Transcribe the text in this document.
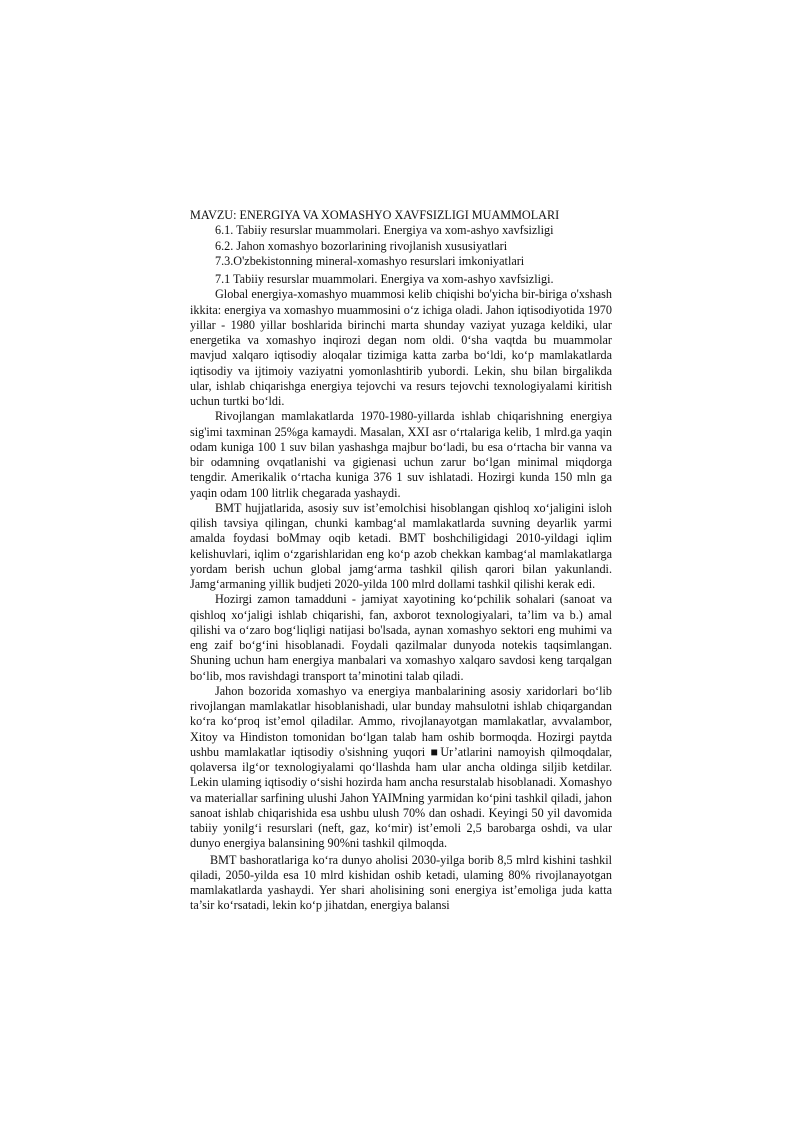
MAVZU: ENERGIYA VA XOMASHYO XAVFSIZLIGI MUAMMOLARI
6.1. Tabiiy resurslar muammolari. Energiya va xom-ashyo xavfsizligi
6.2. Jahon xomashyo bozorlarining rivojlanish xususiyatlari
7.3.O'zbekistonning mineral-xomashyo resurslari imkoniyatlari
7.1 Tabiiy resurslar muammolari. Energiya va xom-ashyo xavfsizligi.

Global energiya-xomashyo muammosi kelib chiqishi bo'yicha bir-biriga o'xshash ikkita: energiya va xomashyo muammosini o‘z ichiga oladi. Jahon iqtisodiyotida 1970 yillar - 1980 yillar boshlarida birinchi marta shunday vaziyat yuzaga keldiki, ular energetika va xomashyo inqirozi degan nom oldi. 0‘sha vaqtda bu muammolar mavjud xalqaro iqtisodiy aloqalar tizimiga katta zarba bo‘ldi, ko‘p mamlakatlarda iqtisodiy va ijtimoiy vaziyatni yomonlashtirib yubordi. Lekin, shu bilan birgalikda ular, ishlab chiqarishga energiya tejovchi va resurs tejovchi texnologiyalami kiritish uchun turtki bo‘ldi.

Rivojlangan mamlakatlarda 1970-1980-yillarda ishlab chiqarishning energiya sig'imi taxminan 25%ga kamaydi. Masalan, XXI asr o‘rtalariga kelib, 1 mlrd.ga yaqin odam kuniga 100 1 suv bilan yashashga majbur bo‘ladi, bu esa o‘rtacha bir vanna va bir odamning ovqatlanishi va gigienasi uchun zarur bo‘lgan minimal miqdorga tengdir. Amerikalik o‘rtacha kuniga 376 1 suv ishlatadi. Hozirgi kunda 150 mln ga yaqin odam 100 litrlik chegarada yashaydi.

BMT hujjatlarida, asosiy suv ist’emolchisi hisoblangan qishloq xo‘jaligini isloh qilish tavsiya qilingan, chunki kambag‘al mamlakatlarda suvning deyarlik yarmi amalda foydasi boMmay oqib ketadi. BMT boshchiligidagi 2010-yildagi iqlim kelishuvlari, iqlim o‘zgarishlaridan eng ko‘p azob chekkan kambag‘al mamlakatlarga yordam berish uchun global jamg‘arma tashkil qilish qarori bilan yakunlandi. Jamg‘armaning yillik budjeti 2020-yilda 100 mlrd dollami tashkil qilishi kerak edi.

Hozirgi zamon tamadduni - jamiyat xayotining ko‘pchilik sohalari (sanoat va qishloq xo‘jaligi ishlab chiqarishi, fan, axborot texnologiyalari, ta’lim va b.) amal qilishi va o‘zaro bog‘liqligi natijasi bo'lsada, aynan xomashyo sektori eng muhimi va eng zaif bo‘g‘ini hisoblanadi. Foydali qazilmalar dunyoda notekis taqsimlangan. Shuning uchun ham energiya manbalari va xomashyo xalqaro savdosi keng tarqalgan bo‘lib, mos ravishdagi transport ta’minotini talab qiladi.

Jahon bozorida xomashyo va energiya manbalarining asosiy xaridorlari bo‘lib rivojlangan mamlakatlar hisoblanishadi, ular bunday mahsulotni ishlab chiqargandan ko‘ra ko‘proq ist’emol qiladilar. Ammo, rivojlanayotgan mamlakatlar, avvalambor, Xitoy va Hindiston tomonidan bo‘lgan talab ham oshib bormoqda. Hozirgi paytda ushbu mamlakatlar iqtisodiy o'sishning yuqori ■Ur’atlarini namoyish qilmoqdalar, qolaversa ilg‘or texnologiyalami qo‘llashda ham ular ancha oldinga siljib ketdilar. Lekin ulaming iqtisodiy o‘sishi hozirda ham ancha resurstalab hisoblanadi. Xomashyo va materiallar sarfining ulushi Jahon YAIMning yarmidan ko‘pini tashkil qiladi, jahon sanoat ishlab chiqarishida esa ushbu ulush 70% dan oshadi. Keyingi 50 yil davomida tabiiy yonilg‘i resurslari (neft, gaz, ko‘mir) ist’emoli 2,5 barobarga oshdi, va ular dunyo energiya balansining 90%ni tashkil qilmoqda.

BMT bashoratlariga ko‘ra dunyo aholisi 2030-yilga borib 8,5 mlrd kishini tashkil qiladi, 2050-yilda esa 10 mlrd kishidan oshib ketadi, ulaming 80% rivojlanayotgan mamlakatlarda yashaydi. Yer shari aholisining soni energiya ist’emoliga juda katta ta’sir ko‘rsatadi, lekin ko‘p jihatdan, energiya balansi
